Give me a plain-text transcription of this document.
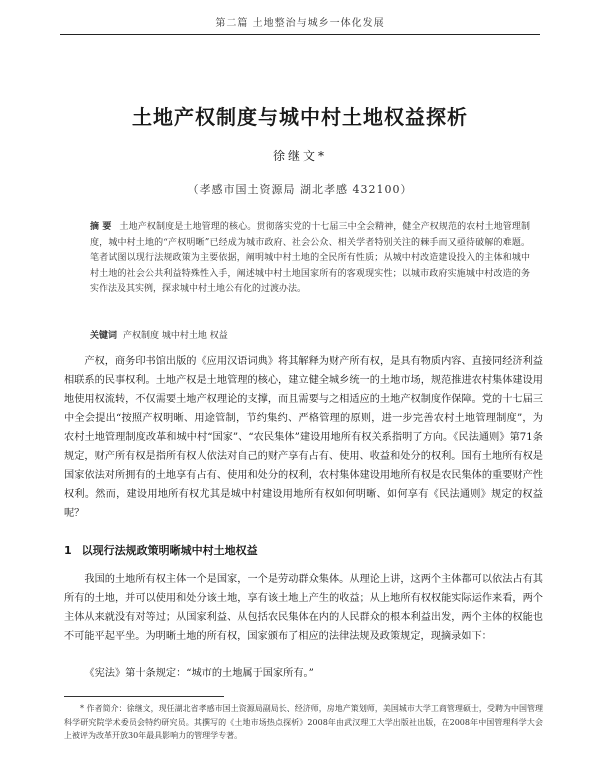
第二篇 土地整治与城乡一体化发展
土地产权制度与城中村土地权益探析
徐继文*
（孝感市国土资源局 湖北孝感 432100）
摘 要 土地产权制度是土地管理的核心。贯彻落实党的十七届三中全会精神，健全产权规范的农村土地管理制度，城中村土地的“产权明晰”已经成为城市政府、社会公众、相关学者特别关注的棘手而又亟待破解的难题。笔者试图以现行法规政策为主要依据，阐明城中村土地的全民所有性质；从城中村改造建设投入的主体和城中村土地的社会公共利益特殊性入手，阐述城中村土地国家所有的客观现实性；以城市政府实施城中村改造的务实作法及其实例，探求城中村土地公有化的过渡办法。
关键词 产权制度 城中村土地 权益

产权，商务印书馆出版的《应用汉语词典》将其解释为财产所有权，是具有物质内容、直接同经济利益相联系的民事权利。土地产权是土地管理的核心，建立健全城乡统一的土地市场，规范推进农村集体建设用地使用权流转，不仅需要土地产权理论的支撑，而且需要与之相适应的土地产权制度作保障。党的十七届三中全会提出“按照产权明晰、用途管制，节约集约、严格管理的原则，进一步完善农村土地管理制度”，为农村土地管理制度改革和城中村“国家”、“农民集体”建设用地所有权关系指明了方向。《民法通则》第71条规定，财产所有权是指所有权人依法对自己的财产享有占有、使用、收益和处分的权利。国有土地所有权是国家依法对所拥有的土地享有占有、使用和处分的权利，农村集体建设用地所有权是农民集体的重要财产性权利。然而，建设用地所有权尤其是城中村建设用地所有权如何明晰、如何享有《民法通则》规定的权益呢？

1 以现行法规政策明晰城中村土地权益

我国的土地所有权主体一个是国家，一个是劳动群众集体。从理论上讲，这两个主体都可以依法占有其所有的土地，并可以使用和处分该土地，享有该土地上产生的收益；从上地所有权权能实际运作来看，两个主体从来就没有对等过；从国家利益、从包括农民集体在内的人民群众的根本利益出发，两个主体的权能也不可能平起平坐。为明晰土地的所有权，国家颁布了相应的法律法规及政策规定，现摘录如下：

《宪法》第十条规定：“城市的土地属于国家所有。”

* 作者简介：徐继文，现任湖北省孝感市国土资源局副局长、经济师，房地产策划师，美国城市大学工商管理硕士，受聘为中国管理科学研究院学术委员会特约研究员。其撰写的《土地市场热点探析》2008年由武汉理工大学出版社出版，在2008年中国管理科学大会上被评为改革开放30年最具影响力的管理学专著。
